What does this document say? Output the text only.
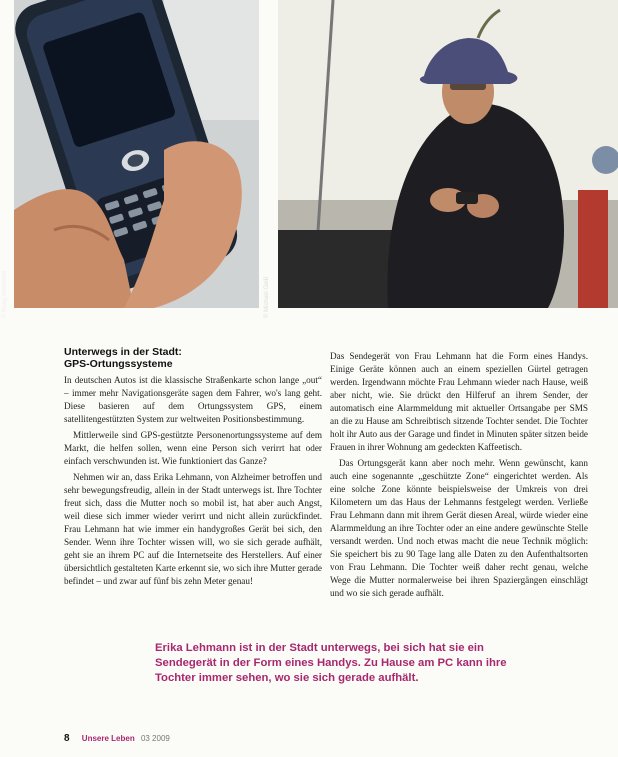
© Kraig Adamson	© Michael Geiß
Unterwegs in der Stadt:
GPS-Ortungssysteme

In deutschen Autos ist die klassische Straßenkarte schon lange „out“ – immer mehr Navigationsgeräte sagen dem Fahrer, wo's lang geht. Diese basieren auf dem Ortungssystem GPS, einem satellitengestützten System zur weltweiten Positionsbestimmung.

Mittlerweile sind GPS-gestützte Personenortungssysteme auf dem Markt, die helfen sollen, wenn eine Person sich verirrt hat oder einfach verschwunden ist. Wie funktioniert das Ganze?

Nehmen wir an, dass Erika Lehmann, von Alzheimer betroffen und sehr bewegungsfreudig, allein in der Stadt unterwegs ist. Ihre Tochter freut sich, dass die Mutter noch so mobil ist, hat aber auch Angst, weil diese sich immer wieder verirrt und nicht allein zurückfindet. Frau Lehmann hat wie immer ein handygroßes Gerät bei sich, den Sender. Wenn ihre Tochter wissen will, wo sie sich gerade aufhält, geht sie an ihrem PC auf die Internetseite des Herstellers. Auf einer übersichtlich gestalteten Karte erkennt sie, wo sich ihre Mutter gerade befindet – und zwar auf fünf bis zehn Meter genau!

Das Sendegerät von Frau Lehmann hat die Form eines Handys. Einige Geräte können auch an einem speziellen Gürtel getragen werden. Irgendwann möchte Frau Lehmann wieder nach Hause, weiß aber nicht, wie. Sie drückt den Hilferuf an ihrem Sender, der automatisch eine Alarmmeldung mit aktueller Ortsangabe per SMS an die zu Hause am Schreibtisch sitzende Tochter sendet. Die Tochter holt ihr Auto aus der Garage und findet in Minuten später sitzen beide Frauen in ihrer Wohnung am gedeckten Kaffeetisch.

Das Ortungsgerät kann aber noch mehr. Wenn gewünscht, kann auch eine sogenannte „geschützte Zone“ eingerichtet werden. Als eine solche Zone könnte beispielsweise der Umkreis von drei Kilometern um das Haus der Lehmanns festgelegt werden. Verließe Frau Lehmann dann mit ihrem Gerät diesen Areal, würde wieder eine Alarmmeldung an ihre Tochter oder an eine andere gewünschte Stelle versandt werden. Und noch etwas macht die neue Technik möglich: Sie speichert bis zu 90 Tage lang alle Daten zu den Aufenthaltsorten von Frau Lehmann. Die Tochter weiß daher recht genau, welche Wege die Mutter normalerweise bei ihren Spaziergängen einschlägt und wo sie sich gerade aufhält.

Erika Lehmann ist in der Stadt unterwegs, bei sich hat sie ein
Sendegerät in der Form eines Handys. Zu Hause am PC kann ihre
Tochter immer sehen, wo sie sich gerade aufhält.
8 Unsere Leben 03 2009
